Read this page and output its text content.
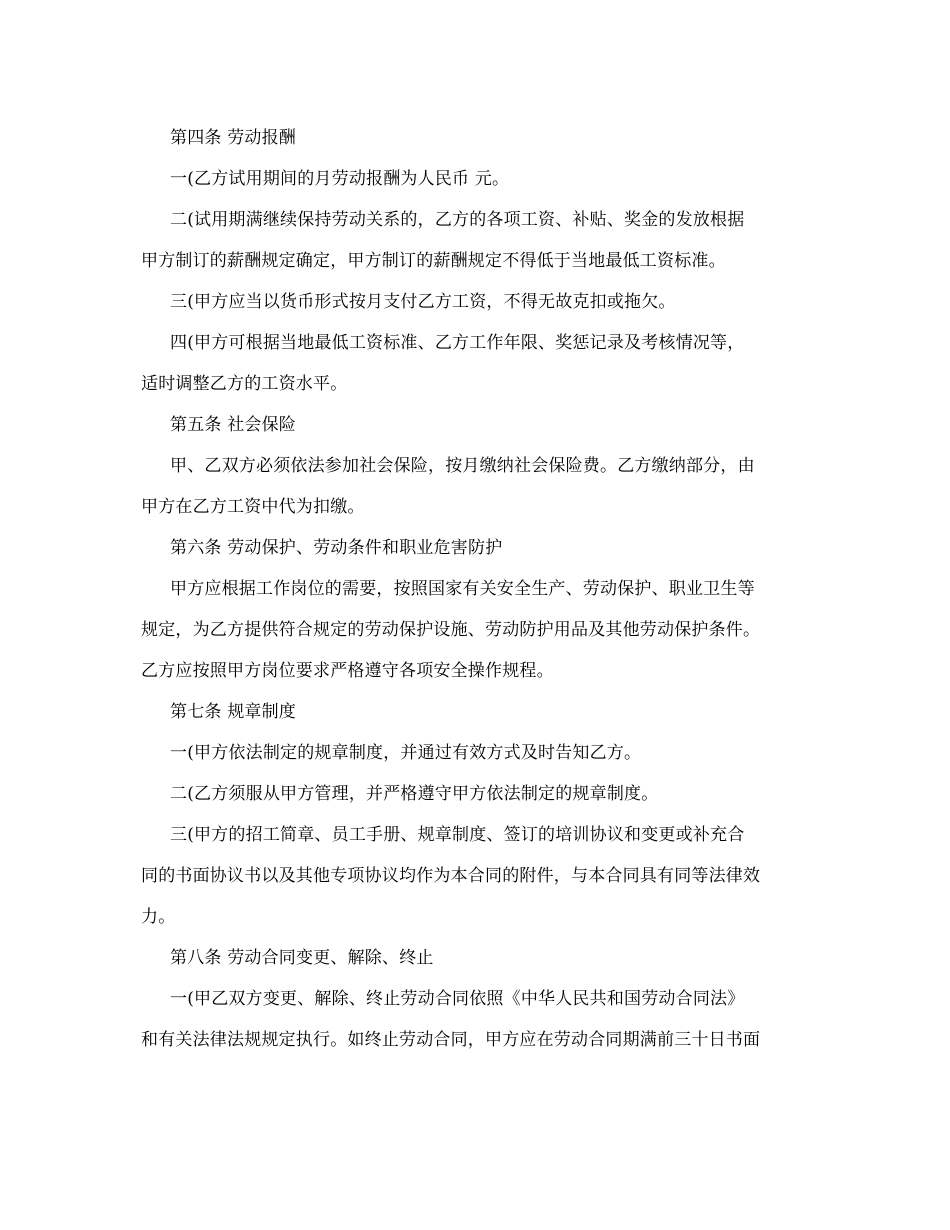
第四条 劳动报酬
一(乙方试用期间的月劳动报酬为人民币 元。
二(试用期满继续保持劳动关系的，乙方的各项工资、补贴、奖金的发放根据
甲方制订的薪酬规定确定，甲方制订的薪酬规定不得低于当地最低工资标准。
三(甲方应当以货币形式按月支付乙方工资，不得无故克扣或拖欠。
四(甲方可根据当地最低工资标准、乙方工作年限、奖惩记录及考核情况等，
适时调整乙方的工资水平。
第五条 社会保险
甲、乙双方必须依法参加社会保险，按月缴纳社会保险费。乙方缴纳部分，由
甲方在乙方工资中代为扣缴。
第六条 劳动保护、劳动条件和职业危害防护
甲方应根据工作岗位的需要，按照国家有关安全生产、劳动保护、职业卫生等
规定，为乙方提供符合规定的劳动保护设施、劳动防护用品及其他劳动保护条件。
乙方应按照甲方岗位要求严格遵守各项安全操作规程。
第七条 规章制度
一(甲方依法制定的规章制度，并通过有效方式及时告知乙方。
二(乙方须服从甲方管理，并严格遵守甲方依法制定的规章制度。
三(甲方的招工简章、员工手册、规章制度、签订的培训协议和变更或补充合
同的书面协议书以及其他专项协议均作为本合同的附件，与本合同具有同等法律效
力。
第八条 劳动合同变更、解除、终止
一(甲乙双方变更、解除、终止劳动合同依照《中华人民共和国劳动合同法》
和有关法律法规规定执行。如终止劳动合同，甲方应在劳动合同期满前三十日书面
